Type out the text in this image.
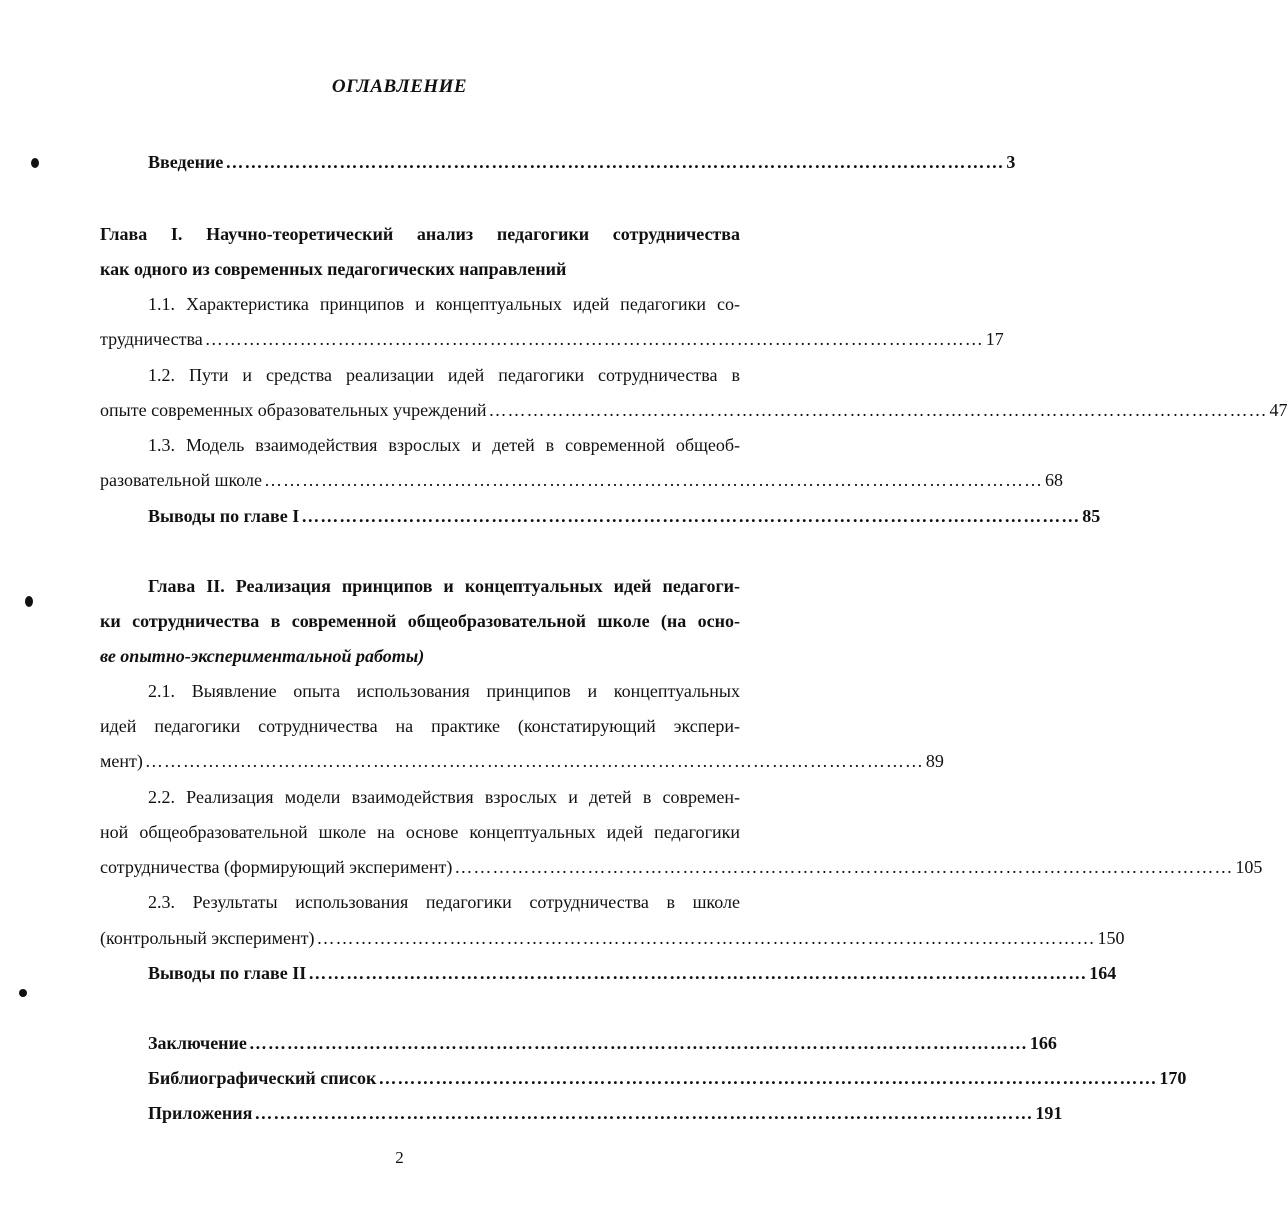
ОГЛАВЛЕНИЕ
Введение …………………………………………………………………………………………………………… 3
Глава I. Научно-теоретический анализ педагогики сотрудничества
как одного из современных педагогических направлений
1.1. Характеристика принципов и концептуальных идей педагогики со-
трудничества …………………………………………………………………………………………………………… 17
1.2. Пути и средства реализации идей педагогики сотрудничества в
опыте современных образовательных учреждений …………………………………………………………………………………………………………… 47
1.3. Модель взаимодействия взрослых и детей в современной общеоб-
разовательной школе …………………………………………………………………………………………………………… 68
Выводы по главе I …………………………………………………………………………………………………………… 85
Глава II. Реализация принципов и концептуальных идей педагоги-
ки сотрудничества в современной общеобразовательной школе (на осно-
ве опытно-экспериментальной работы)
2.1. Выявление опыта использования принципов и концептуальных
идей педагогики сотрудничества на практике (констатирующий экспери-
мент) …………………………………………………………………………………………………………… 89
2.2. Реализация модели взаимодействия взрослых и детей в современ-
ной общеобразовательной школе на основе концептуальных идей педагогики
сотрудничества (формирующий эксперимент) …………………………………………………………………………………………………………… 105
2.3. Результаты использования педагогики сотрудничества в школе
(контрольный эксперимент) …………………………………………………………………………………………………………… 150
Выводы по главе II …………………………………………………………………………………………………………… 164
Заключение …………………………………………………………………………………………………………… 166
Библиографический список …………………………………………………………………………………………………………… 170
Приложения …………………………………………………………………………………………………………… 191
2
